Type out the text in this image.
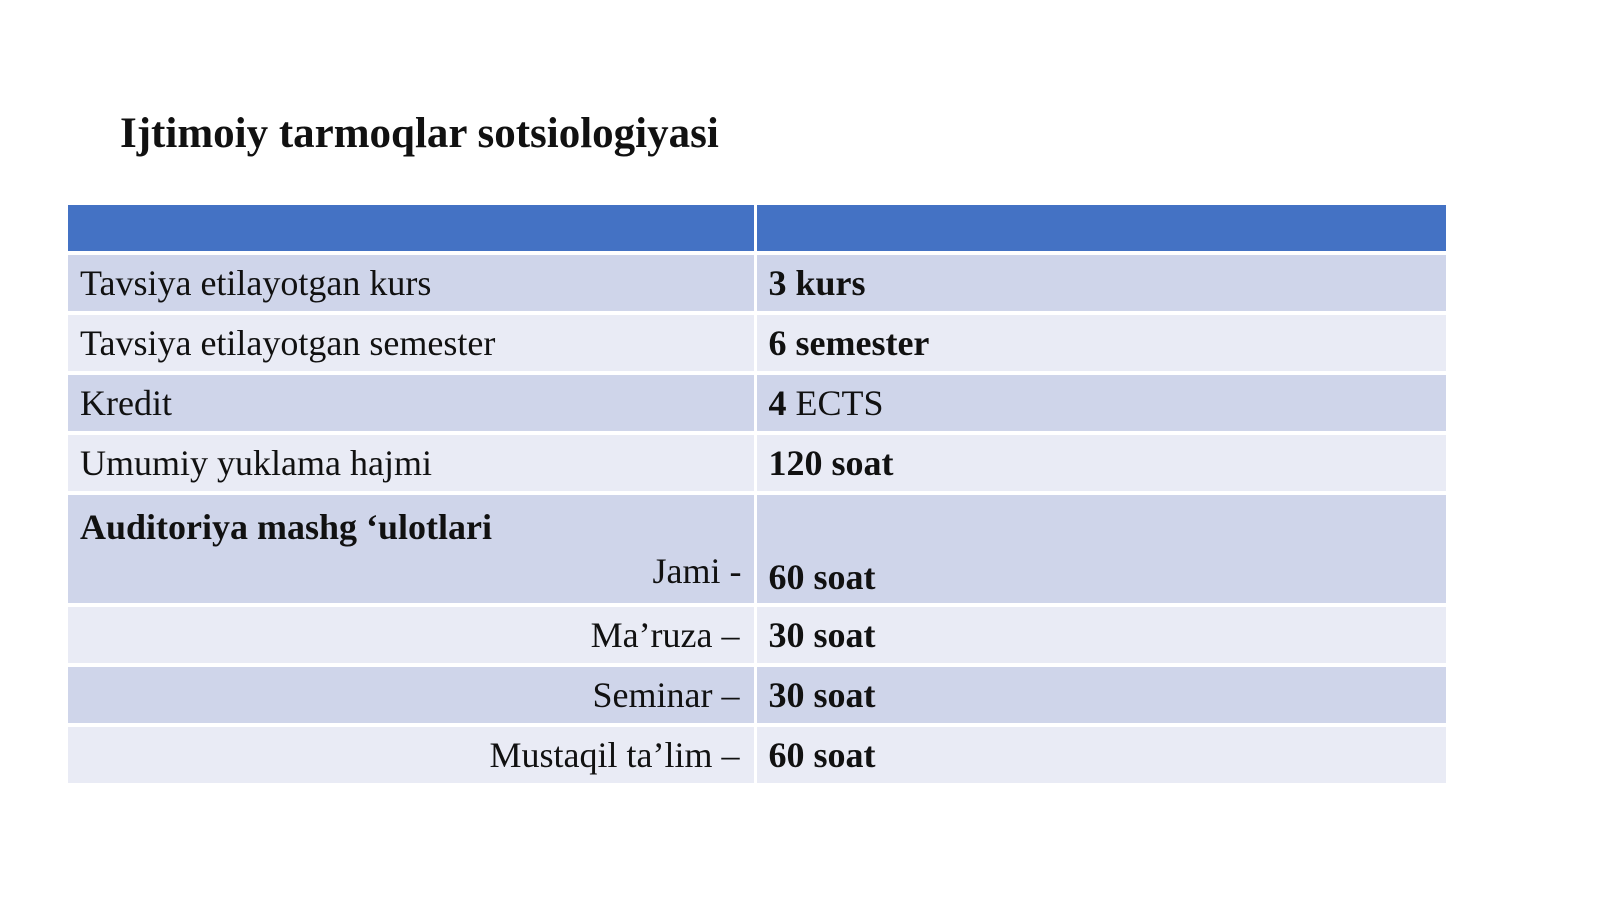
Ijtimoiy tarmoqlar sotsiologiyasi

Tavsiya etilayotgan kurs	3 kurs
Tavsiya etilayotgan semester	6 semester
Kredit	4 ECTS
Umumiy yuklama hajmi	120 soat

Auditoriya mashg ‘ulotlari
Jami -	60 soat
Ma’ruza –	30 soat
Seminar –	30 soat
Mustaqil ta’lim –	60 soat
